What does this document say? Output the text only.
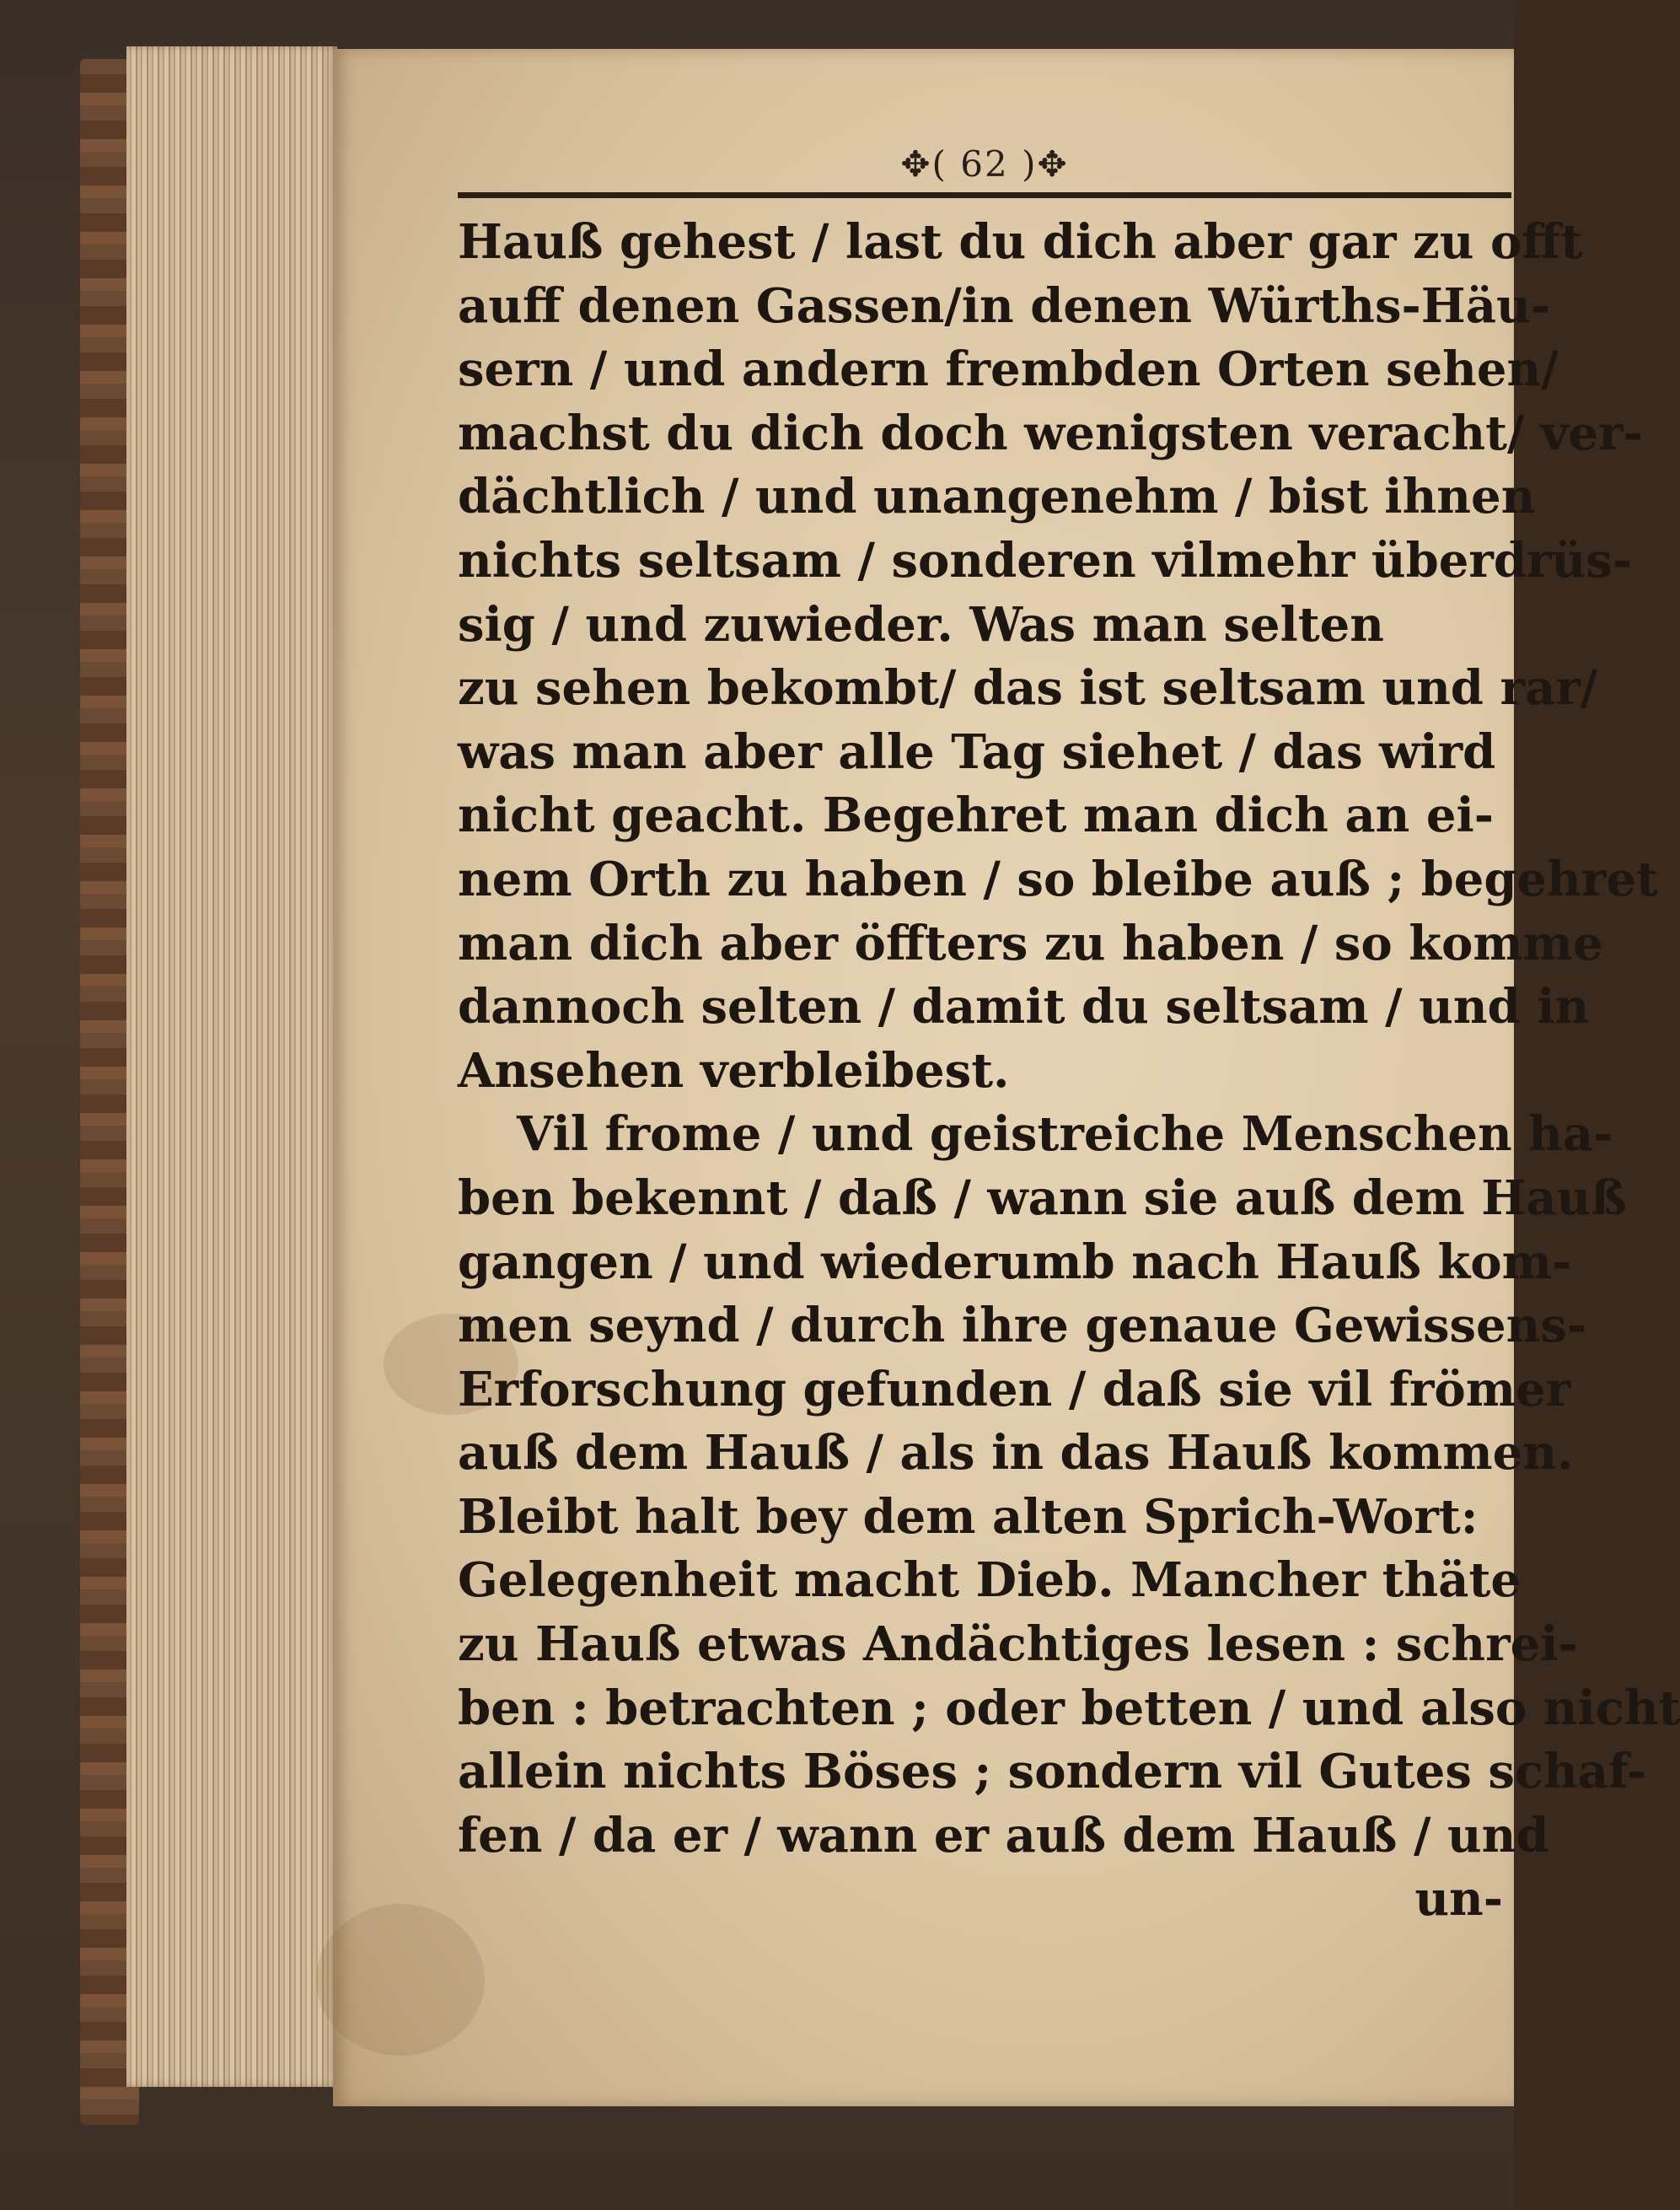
✥( 62 )✥
Hauß gehest / last du dich aber gar zu offt
auff denen Gassen/in denen Würths-Häu-
sern / und andern frembden Orten sehen/
machst du dich doch wenigsten veracht/ ver-
dächtlich / und unangenehm / bist ihnen
nichts seltsam / sonderen vilmehr überdrüs-
sig / und zuwieder. Was man selten
zu sehen bekombt/ das ist seltsam und rar/
was man aber alle Tag siehet / das wird
nicht geacht. Begehret man dich an ei-
nem Orth zu haben / so bleibe auß ; begehret
man dich aber öffters zu haben / so komme
dannoch selten / damit du seltsam / und in
Ansehen verbleibest.
Vil frome / und geistreiche Menschen ha-
ben bekennt / daß / wann sie auß dem Hauß
gangen / und wiederumb nach Hauß kom-
men seynd / durch ihre genaue Gewissens-
Erforschung gefunden / daß sie vil frömer
auß dem Hauß / als in das Hauß kommen.
Bleibt halt bey dem alten Sprich-Wort:
Gelegenheit macht Dieb. Mancher thäte
zu Hauß etwas Andächtiges lesen : schrei-
ben : betrachten ; oder betten / und also nicht
allein nichts Böses ; sondern vil Gutes schaf-
fen / da er / wann er auß dem Hauß / und
un-
